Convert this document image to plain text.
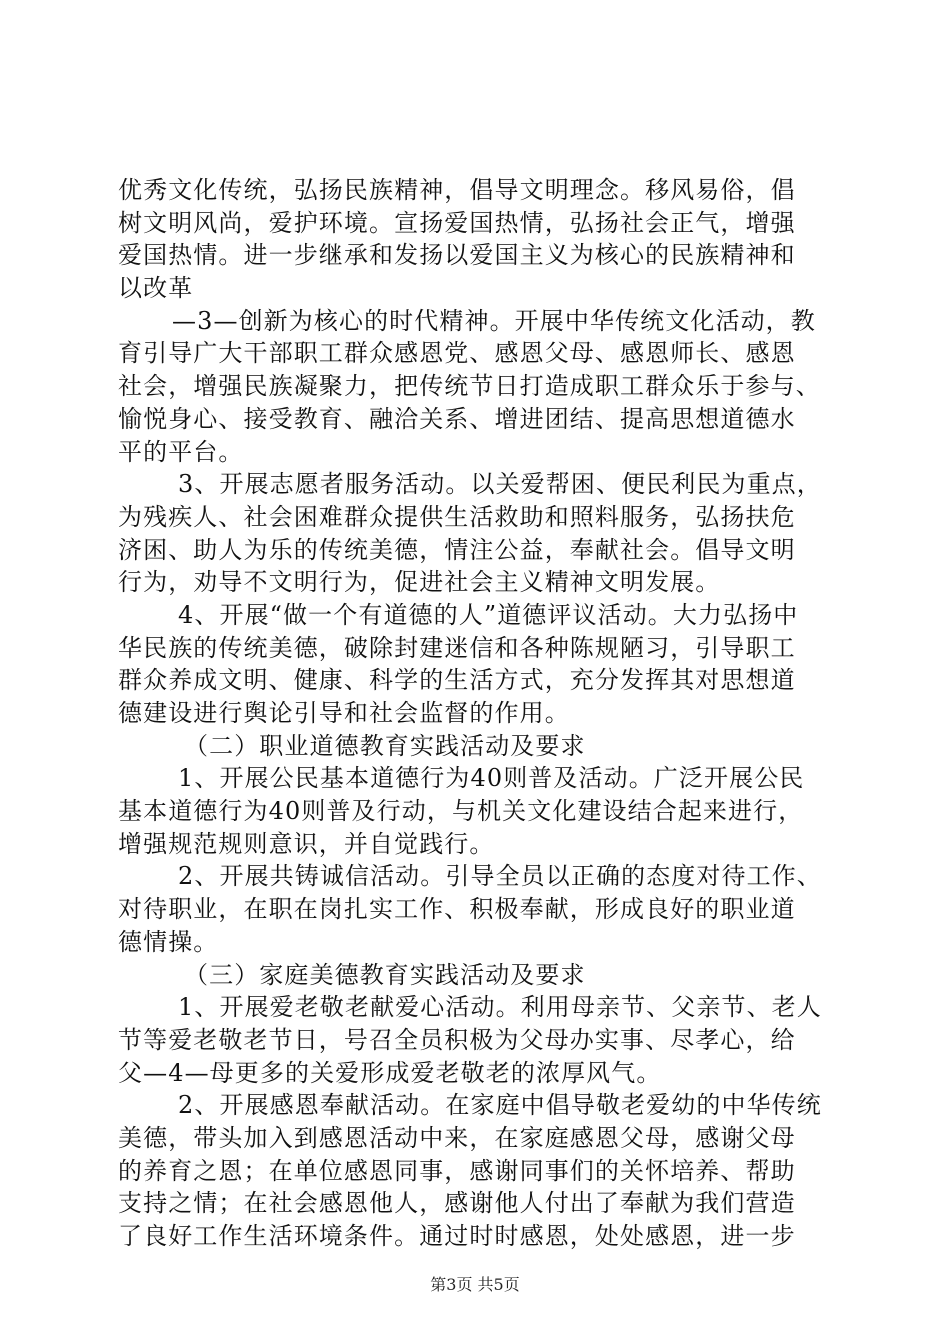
优秀文化传统，弘扬民族精神，倡导文明理念。移风易俗，倡
树文明风尚，爱护环境。宣扬爱国热情，弘扬社会正气，增强
爱国热情。进一步继承和发扬以爱国主义为核心的民族精神和
以改革
—3—创新为核心的时代精神。开展中华传统文化活动，教
育引导广大干部职工群众感恩党、感恩父母、感恩师长、感恩
社会，增强民族凝聚力，把传统节日打造成职工群众乐于参与、
愉悦身心、接受教育、融洽关系、增进团结、提高思想道德水
平的平台。
3、开展志愿者服务活动。以关爱帮困、便民利民为重点，
为残疾人、社会困难群众提供生活救助和照料服务，弘扬扶危
济困、助人为乐的传统美德，情注公益，奉献社会。倡导文明
行为，劝导不文明行为，促进社会主义精神文明发展。
4、开展“做一个有道德的人”道德评议活动。大力弘扬中
华民族的传统美德，破除封建迷信和各种陈规陋习，引导职工
群众养成文明、健康、科学的生活方式，充分发挥其对思想道
德建设进行舆论引导和社会监督的作用。
（二）职业道德教育实践活动及要求
1、开展公民基本道德行为40则普及活动。广泛开展公民
基本道德行为40则普及行动，与机关文化建设结合起来进行，
增强规范规则意识，并自觉践行。
2、开展共铸诚信活动。引导全员以正确的态度对待工作、
对待职业，在职在岗扎实工作、积极奉献，形成良好的职业道
德情操。
（三）家庭美德教育实践活动及要求
1、开展爱老敬老献爱心活动。利用母亲节、父亲节、老人
节等爱老敬老节日，号召全员积极为父母办实事、尽孝心，给
父—4—母更多的关爱形成爱老敬老的浓厚风气。
2、开展感恩奉献活动。在家庭中倡导敬老爱幼的中华传统
美德，带头加入到感恩活动中来，在家庭感恩父母，感谢父母
的养育之恩；在单位感恩同事，感谢同事们的关怀培养、帮助
支持之情；在社会感恩他人，感谢他人付出了奉献为我们营造
了良好工作生活环境条件。通过时时感恩，处处感恩，进一步
第3页 共5页
